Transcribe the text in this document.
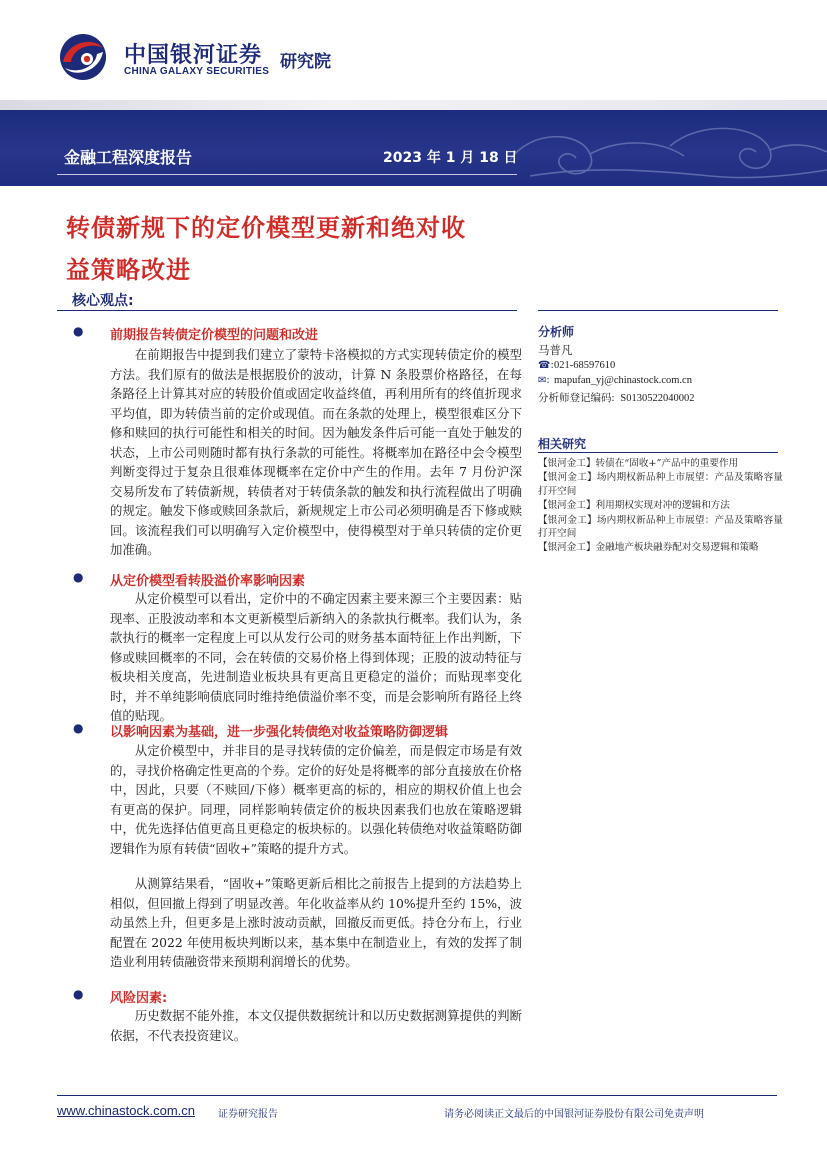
中国银河证券
CHINA GALAXY SECURITIES 研究院
金融工程深度报告	2023 年 1 月 18 日
转债新规下的定价模型更新和绝对收
益策略改进
核心观点:
● 前期报告转债定价模型的问题和改进

在前期报告中提到我们建立了蒙特卡洛模拟的方式实现转债定价的模型方法。我们原有的做法是根据股价的波动，计算 N 条股票价格路径，在每条路径上计算其对应的转股价值或固定收益终值，再利用所有的终值折现求平均值，即为转债当前的定价或现值。而在条款的处理上，模型很难区分下修和赎回的执行可能性和相关的时间。因为触发条件后可能一直处于触发的状态，上市公司则随时都有执行条款的可能性。将概率加在路径中会令模型判断变得过于复杂且很难体现概率在定价中产生的作用。去年 7 月份沪深交易所发布了转债新规，转债者对于转债条款的触发和执行流程做出了明确的规定。触发下修或赎回条款后，新规规定上市公司必须明确是否下修或赎回。该流程我们可以明确写入定价模型中，使得模型对于单只转债的定价更加准确。

● 从定价模型看转股溢价率影响因素

从定价模型可以看出，定价中的不确定因素主要来源三个主要因素：贴现率、正股波动率和本文更新模型后新纳入的条款执行概率。我们认为，条款执行的概率一定程度上可以从发行公司的财务基本面特征上作出判断，下修或赎回概率的不同，会在转债的交易价格上得到体现；正股的波动特征与板块相关度高，先进制造业板块具有更高且更稳定的溢价；而贴现率变化时，并不单纯影响债底同时维持绝债溢价率不变，而是会影响所有路径上终值的贴现。

● 以影响因素为基础，进一步强化转债绝对收益策略防御逻辑

从定价模型中，并非目的是寻找转债的定价偏差，而是假定市场是有效的，寻找价格确定性更高的个券。定价的好处是将概率的部分直接放在价格中，因此，只要（不赎回/下修）概率更高的标的，相应的期权价值上也会有更高的保护。同理，同样影响转债定价的板块因素我们也放在策略逻辑中，优先选择估值更高且更稳定的板块标的。以强化转债绝对收益策略防御逻辑作为原有转债“固收+”策略的提升方式。

从测算结果看，“固收+”策略更新后相比之前报告上提到的方法趋势上相似，但回撤上得到了明显改善。年化收益率从约 10%提升至约 15%，波动虽然上升，但更多是上涨时波动贡献，回撤反而更低。持仓分布上，行业配置在 2022 年使用板块判断以来，基本集中在制造业上，有效的发挥了制造业利用转债融资带来预期利润增长的优势。

● 风险因素:

历史数据不能外推，本文仅提供数据统计和以历史数据测算提供的判断依据，不代表投资建议。

分析师
马普凡
☎:021-68597610
✉: mapufan_yj@chinastock.com.cn
分析师登记编码: S0130522040002
相关研究
【银河金工】转债在“固收+”产品中的重要作用
【银河金工】场内期权新品种上市展望：产品及策略容量打开空间
【银河金工】利用期权实现对冲的逻辑和方法
【银河金工】场内期权新品种上市展望：产品及策略容量打开空间
【银河金工】金融地产板块融券配对交易逻辑和策略
www.chinastock.com.cn 证券研究报告	请务必阅读正文最后的中国银河证券股份有限公司免责声明
